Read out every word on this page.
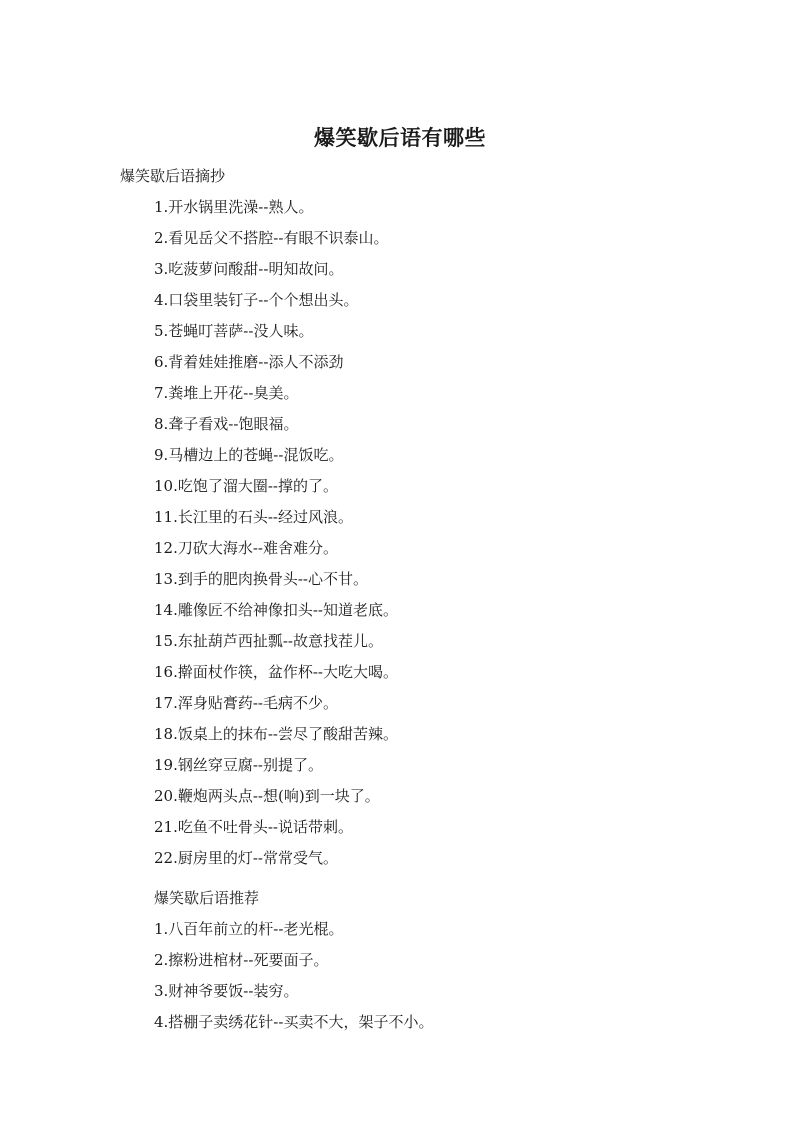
爆笑歇后语有哪些

爆笑歇后语摘抄

1.开水锅里洗澡--熟人。
2.看见岳父不搭腔--有眼不识泰山。
3.吃菠萝问酸甜--明知故问。
4.口袋里装钉子--个个想出头。
5.苍蝇叮菩萨--没人味。
6.背着娃娃推磨--添人不添劲
7.粪堆上开花--臭美。
8.聋子看戏--饱眼福。
9.马槽边上的苍蝇--混饭吃。
10.吃饱了溜大圈--撑的了。
11.长江里的石头--经过风浪。
12.刀砍大海水--难舍难分。
13.到手的肥肉换骨头--心不甘。
14.雕像匠不给神像扣头--知道老底。
15.东扯葫芦西扯瓢--故意找茬儿。
16.擀面杖作筷，盆作杯--大吃大喝。
17.浑身贴膏药--毛病不少。
18.饭桌上的抹布--尝尽了酸甜苦辣。
19.钢丝穿豆腐--别提了。
20.鞭炮两头点--想(响)到一块了。
21.吃鱼不吐骨头--说话带刺。
22.厨房里的灯--常常受气。

爆笑歇后语推荐

1.八百年前立的杆--老光棍。
2.擦粉进棺材--死要面子。
3.财神爷要饭--装穷。
4.搭棚子卖绣花针--买卖不大，架子不小。
